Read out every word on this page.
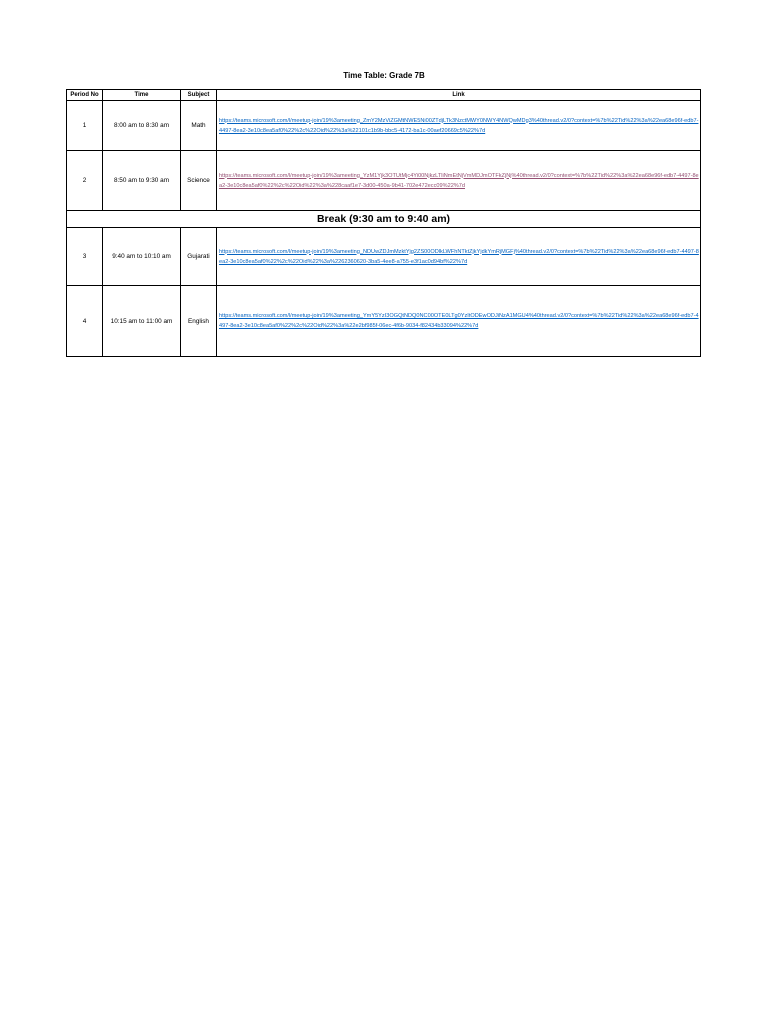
Time Table: Grade 7B
Period No	Time	Subject	Link
1	8:00 am to 8:30 am	Math	https://teams.microsoft.com/l/meetup-join/19%3ameeting_ZmY2MzViZGMtNWE5Ni00ZTdjLTk3NzctMWY0NWY4NWQwMDg3%40thread.v2/0?context=%7b%22Tid%22%3a%22ea68e96f-edb7-4497-8ea2-3e10c8ea5af0%22%2c%22Oid%22%3a%22101c1b9b-bbc5-4172-ba1c-00aef20669c5%22%7d

2	8:50 am to 9:30 am	Science	https://teams.microsoft.com/l/meetup-join/19%3ameeting_YzM1Yjk3OTUtMjc4Yi00NjkzLTliNmEtNjVmMDJmOTFkZjNj%40thread.v2/0?context=%7b%22Tid%22%3a%22ea68e96f-edb7-4497-8ea2-3e10c8ea5af0%22%2c%22Oid%22%3a%228caaf1e7-3d00-450a-9b41-702e472ecc09%22%7d

Break (9:30 am to 9:40 am)			
3	9:40 am to 10:10 am	Gujarati	https://teams.microsoft.com/l/meetup-join/19%3ameeting_NDUwZDJmMzktYjg2ZS00ODlkLWFhNTktZjkYjdkYmRjMGFj%40thread.v2/0?context=%7b%22Tid%22%3a%22ea68e96f-edb7-4497-8ea2-3e10c8ea5af0%22%2c%22Oid%22%3a%2262360620-3ba5-4ee8-a755-e3f1ac0d94bf%22%7d

4	10:15 am to 11:00 am	English	https://teams.microsoft.com/l/meetup-join/19%3ameeting_YmY5YzI3OGQtNDQ0NC00OTE0LTg0YzItODEwODJiNzA1MGU4%40thread.v2/0?context=%7b%22Tid%22%3a%22ea68e96f-edb7-4497-8ea2-3e10c8ea5af0%22%2c%22Oid%22%3a%22e2bf985f-06ec-4f6b-9034-f82434b33094%22%7d
